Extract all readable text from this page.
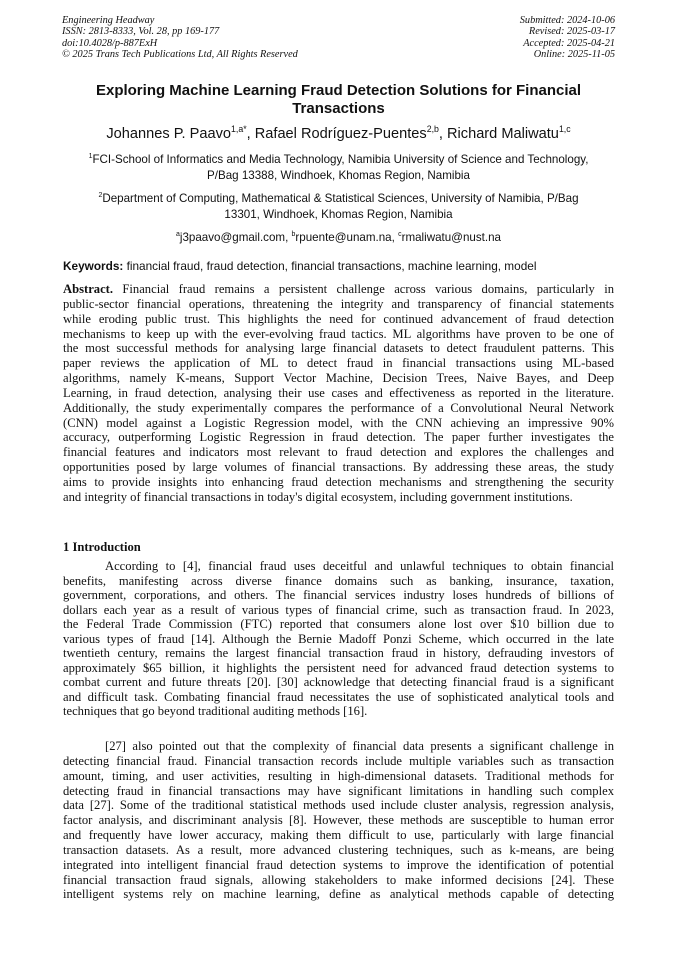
Engineering Headway
ISSN: 2813-8333, Vol. 28, pp 169-177
doi:10.4028/p-887ExH
© 2025 Trans Tech Publications Ltd, All Rights Reserved
Submitted: 2024-10-06
Revised: 2025-03-17
Accepted: 2025-04-21
Online: 2025-11-05
Exploring Machine Learning Fraud Detection Solutions for Financial
Transactions
Johannes P. Paavo$^{1,a*}$, Rafael Rodríguez-Puentes$^{2,b}$, Richard Maliwatu$^{1,c}$
$^1$FCI-School of Informatics and Media Technology, Namibia University of Science and Technology,
P/Bag 13388, Windhoek, Khomas Region, Namibia
$^2$Department of Computing, Mathematical & Statistical Sciences, University of Namibia, P/Bag
13301, Windhoek, Khomas Region, Namibia
$^a$j3paavo@gmail.com, $^b$rpuente@unam.na, $^c$rmaliwatu@nust.na
Keywords: financial fraud, fraud detection, financial transactions, machine learning, model
Abstract. Financial fraud remains a persistent challenge across various domains, particularly in
public-sector financial operations, threatening the integrity and transparency of financial statements
while eroding public trust. This highlights the need for continued advancement of fraud detection
mechanisms to keep up with the ever-evolving fraud tactics. ML algorithms have proven to be one of
the most successful methods for analysing large financial datasets to detect fraudulent patterns. This
paper reviews the application of ML to detect fraud in financial transactions using ML-based
algorithms, namely K-means, Support Vector Machine, Decision Trees, Naive Bayes, and Deep
Learning, in fraud detection, analysing their use cases and effectiveness as reported in the literature.
Additionally, the study experimentally compares the performance of a Convolutional Neural Network
(CNN) model against a Logistic Regression model, with the CNN achieving an impressive 90%
accuracy, outperforming Logistic Regression in fraud detection. The paper further investigates the
financial features and indicators most relevant to fraud detection and explores the challenges and
opportunities posed by large volumes of financial transactions. By addressing these areas, the study
aims to provide insights into enhancing fraud detection mechanisms and strengthening the security
and integrity of financial transactions in today's digital ecosystem, including government institutions.
1 Introduction
According to [4], financial fraud uses deceitful and unlawful techniques to obtain financial
benefits, manifesting across diverse finance domains such as banking, insurance, taxation,
government, corporations, and others. The financial services industry loses hundreds of billions of
dollars each year as a result of various types of financial crime, such as transaction fraud. In 2023,
the Federal Trade Commission (FTC) reported that consumers alone lost over $10 billion due to
various types of fraud [14]. Although the Bernie Madoff Ponzi Scheme, which occurred in the late
twentieth century, remains the largest financial transaction fraud in history, defrauding investors of
approximately $65 billion, it highlights the persistent need for advanced fraud detection systems to
combat current and future threats [20]. [30] acknowledge that detecting financial fraud is a significant
and difficult task. Combating financial fraud necessitates the use of sophisticated analytical tools and
techniques that go beyond traditional auditing methods [16].
[27] also pointed out that the complexity of financial data presents a significant challenge in
detecting financial fraud. Financial transaction records include multiple variables such as transaction
amount, timing, and user activities, resulting in high-dimensional datasets. Traditional methods for
detecting fraud in financial transactions may have significant limitations in handling such complex
data [27]. Some of the traditional statistical methods used include cluster analysis, regression analysis,
factor analysis, and discriminant analysis [8]. However, these methods are susceptible to human error
and frequently have lower accuracy, making them difficult to use, particularly with large financial
transaction datasets. As a result, more advanced clustering techniques, such as k-means, are being
integrated into intelligent financial fraud detection systems to improve the identification of potential
financial transaction fraud signals, allowing stakeholders to make informed decisions [24]. These
intelligent systems rely on machine learning, define as analytical methods capable of detecting
